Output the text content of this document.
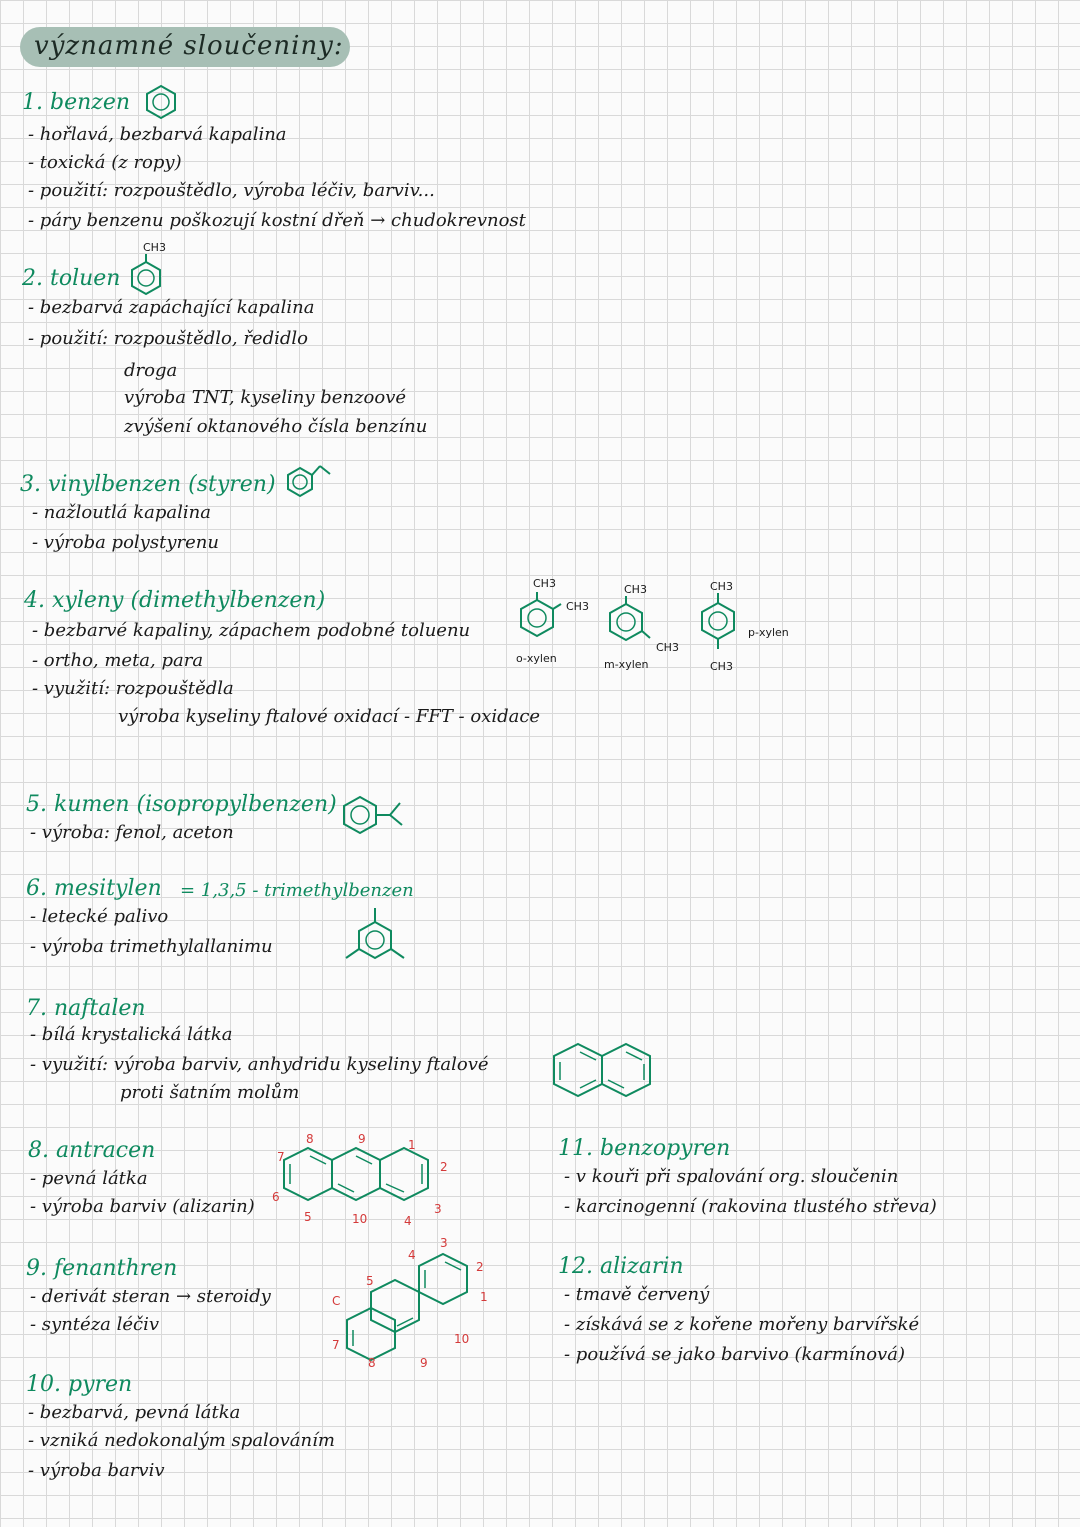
významné sloučeniny:
1. benzen
- hořlavá, bezbarvá kapalina
- toxická (z ropy)
- použití: rozpouštědlo, výroba léčiv, barviv...
- páry benzenu poškozují kostní dřeň → chudokrevnost
CH3
2. toluen
- bezbarvá zapáchající kapalina
- použití: rozpouštědlo, ředidlo
droga
výroba TNT, kyseliny benzoové
zvýšení oktanového čísla benzínu
3. vinylbenzen (styren)
- nažloutlá kapalina
- výroba polystyrenu
4. xyleny (dimethylbenzen)
- bezbarvé kapaliny, zápachem podobné toluenu
- ortho, meta, para
- využití: rozpouštědla
výroba kyseliny ftalové oxidací - FFT - oxidace
CH3
CH3
o-xylen
CH3
CH3
m-xylen
CH3
CH3
p-xylen
5. kumen (isopropylbenzen)
- výroba: fenol, aceton
6. mesitylen = 1,3,5 - trimethylbenzen
- letecké palivo
- výroba trimethylallanimu
7. naftalen
- bílá krystalická látka
- využití: výroba barviv, anhydridu kyseliny ftalové
proti šatním molům
8. antracen
- pevná látka
- výroba barviv (alizarin)
7
8	9	1
2
6
5	10	4
3
9. fenanthren
- derivát steran → steroidy
- syntéza léčiv
3
2
4
1
5
C
7
8	9
10
10. pyren
- bezbarvá, pevná látka
- vzniká nedokonalým spalováním
- výroba barviv
11. benzopyren
- v kouři při spalování org. sloučenin
- karcinogenní (rakovina tlustého střeva)
12. alizarin
- tmavě červený
- získává se z kořene mořeny barvířské
- používá se jako barvivo (karmínová)
